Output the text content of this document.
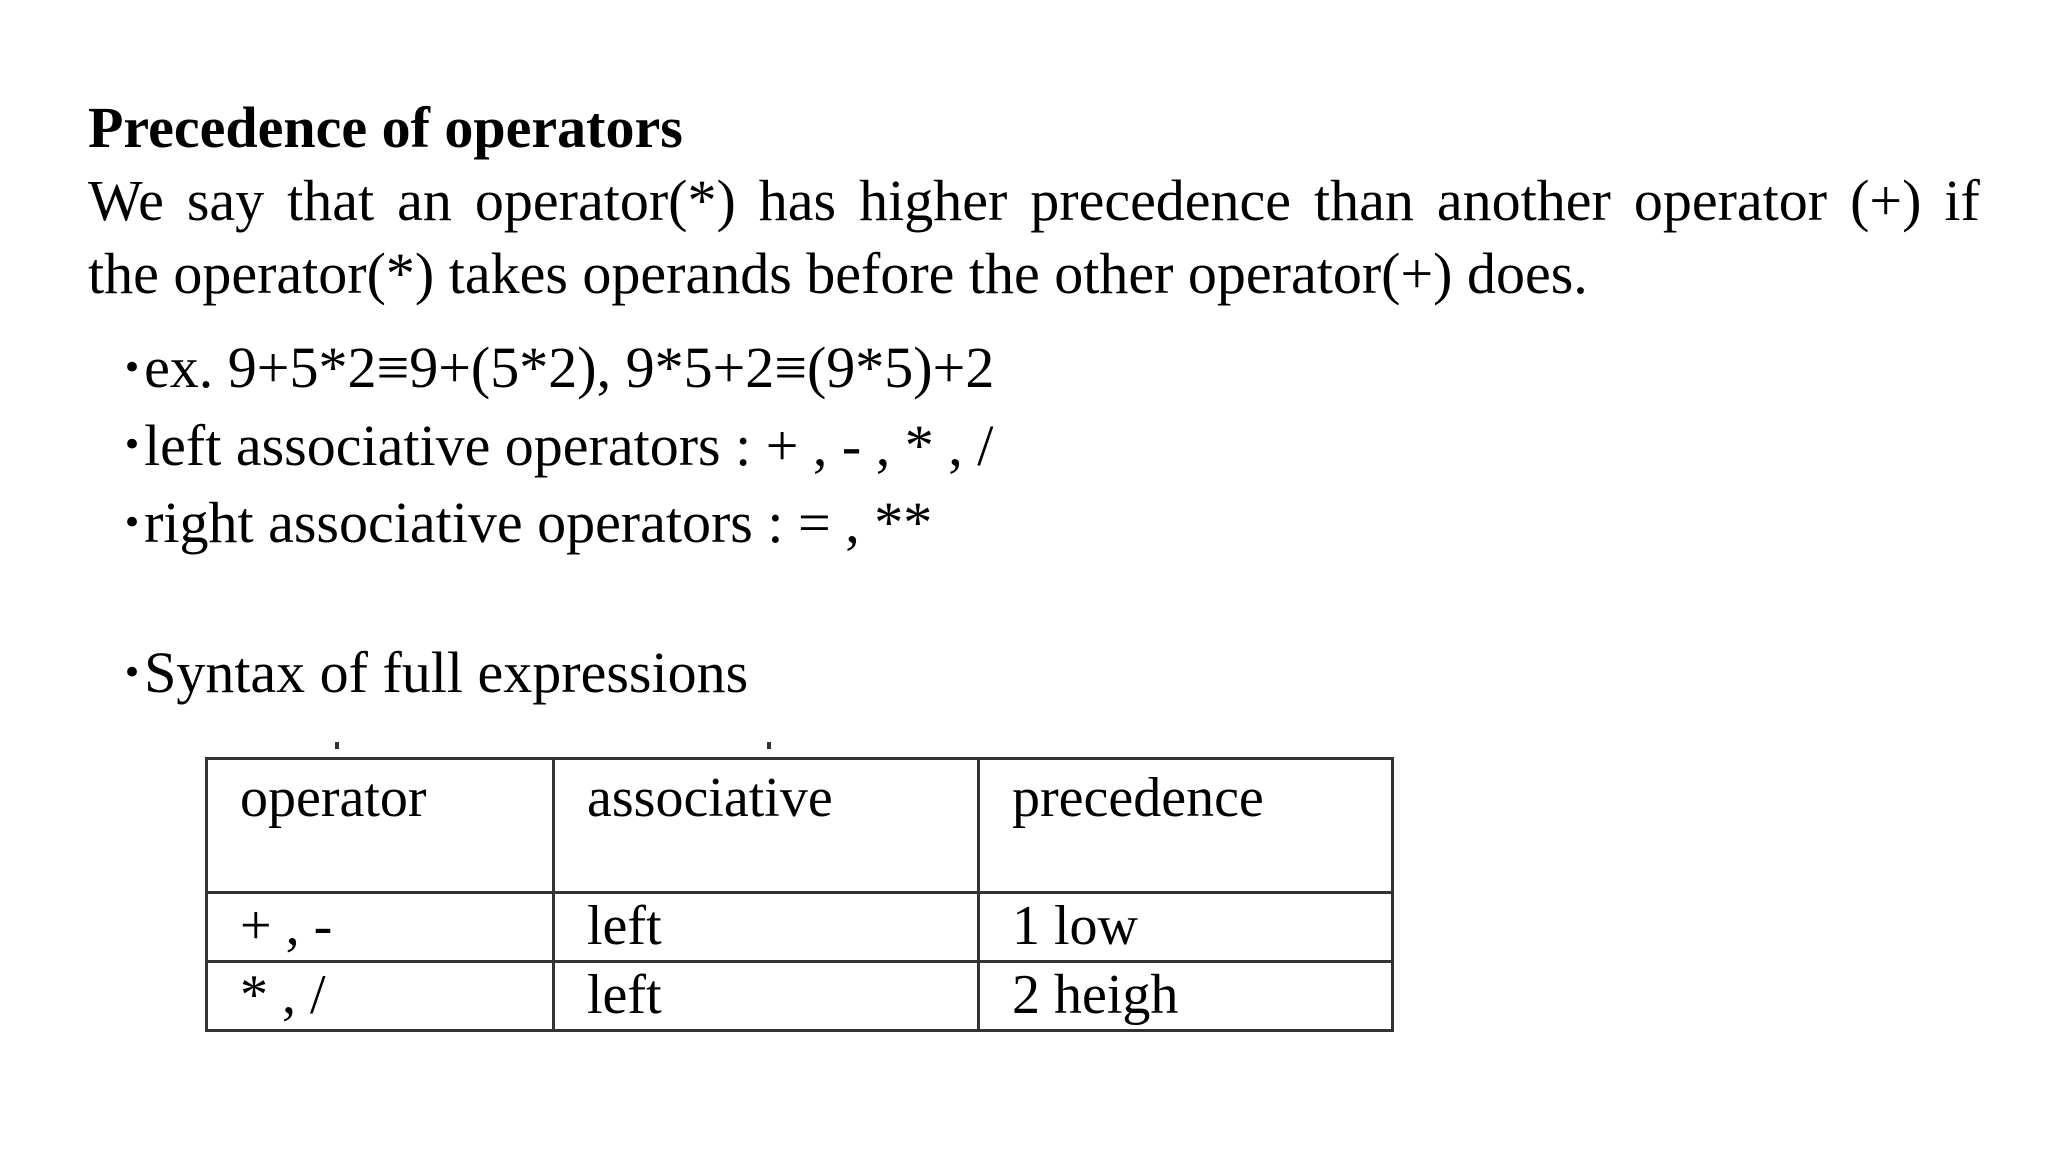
Precedence of operators
We say that an operator(*) has higher precedence than another operator (+) if
the operator(*) takes operands before the other operator(+) does.
•ex. 9+5*2≡9+(5*2), 9*5+2≡(9*5)+2
•left associative operators : + , - , * , /
•right associative operators : = , **
•Syntax of full expressions
operator	associative	precedence
+ , -	left	1 low
* , /	left	2 heigh
